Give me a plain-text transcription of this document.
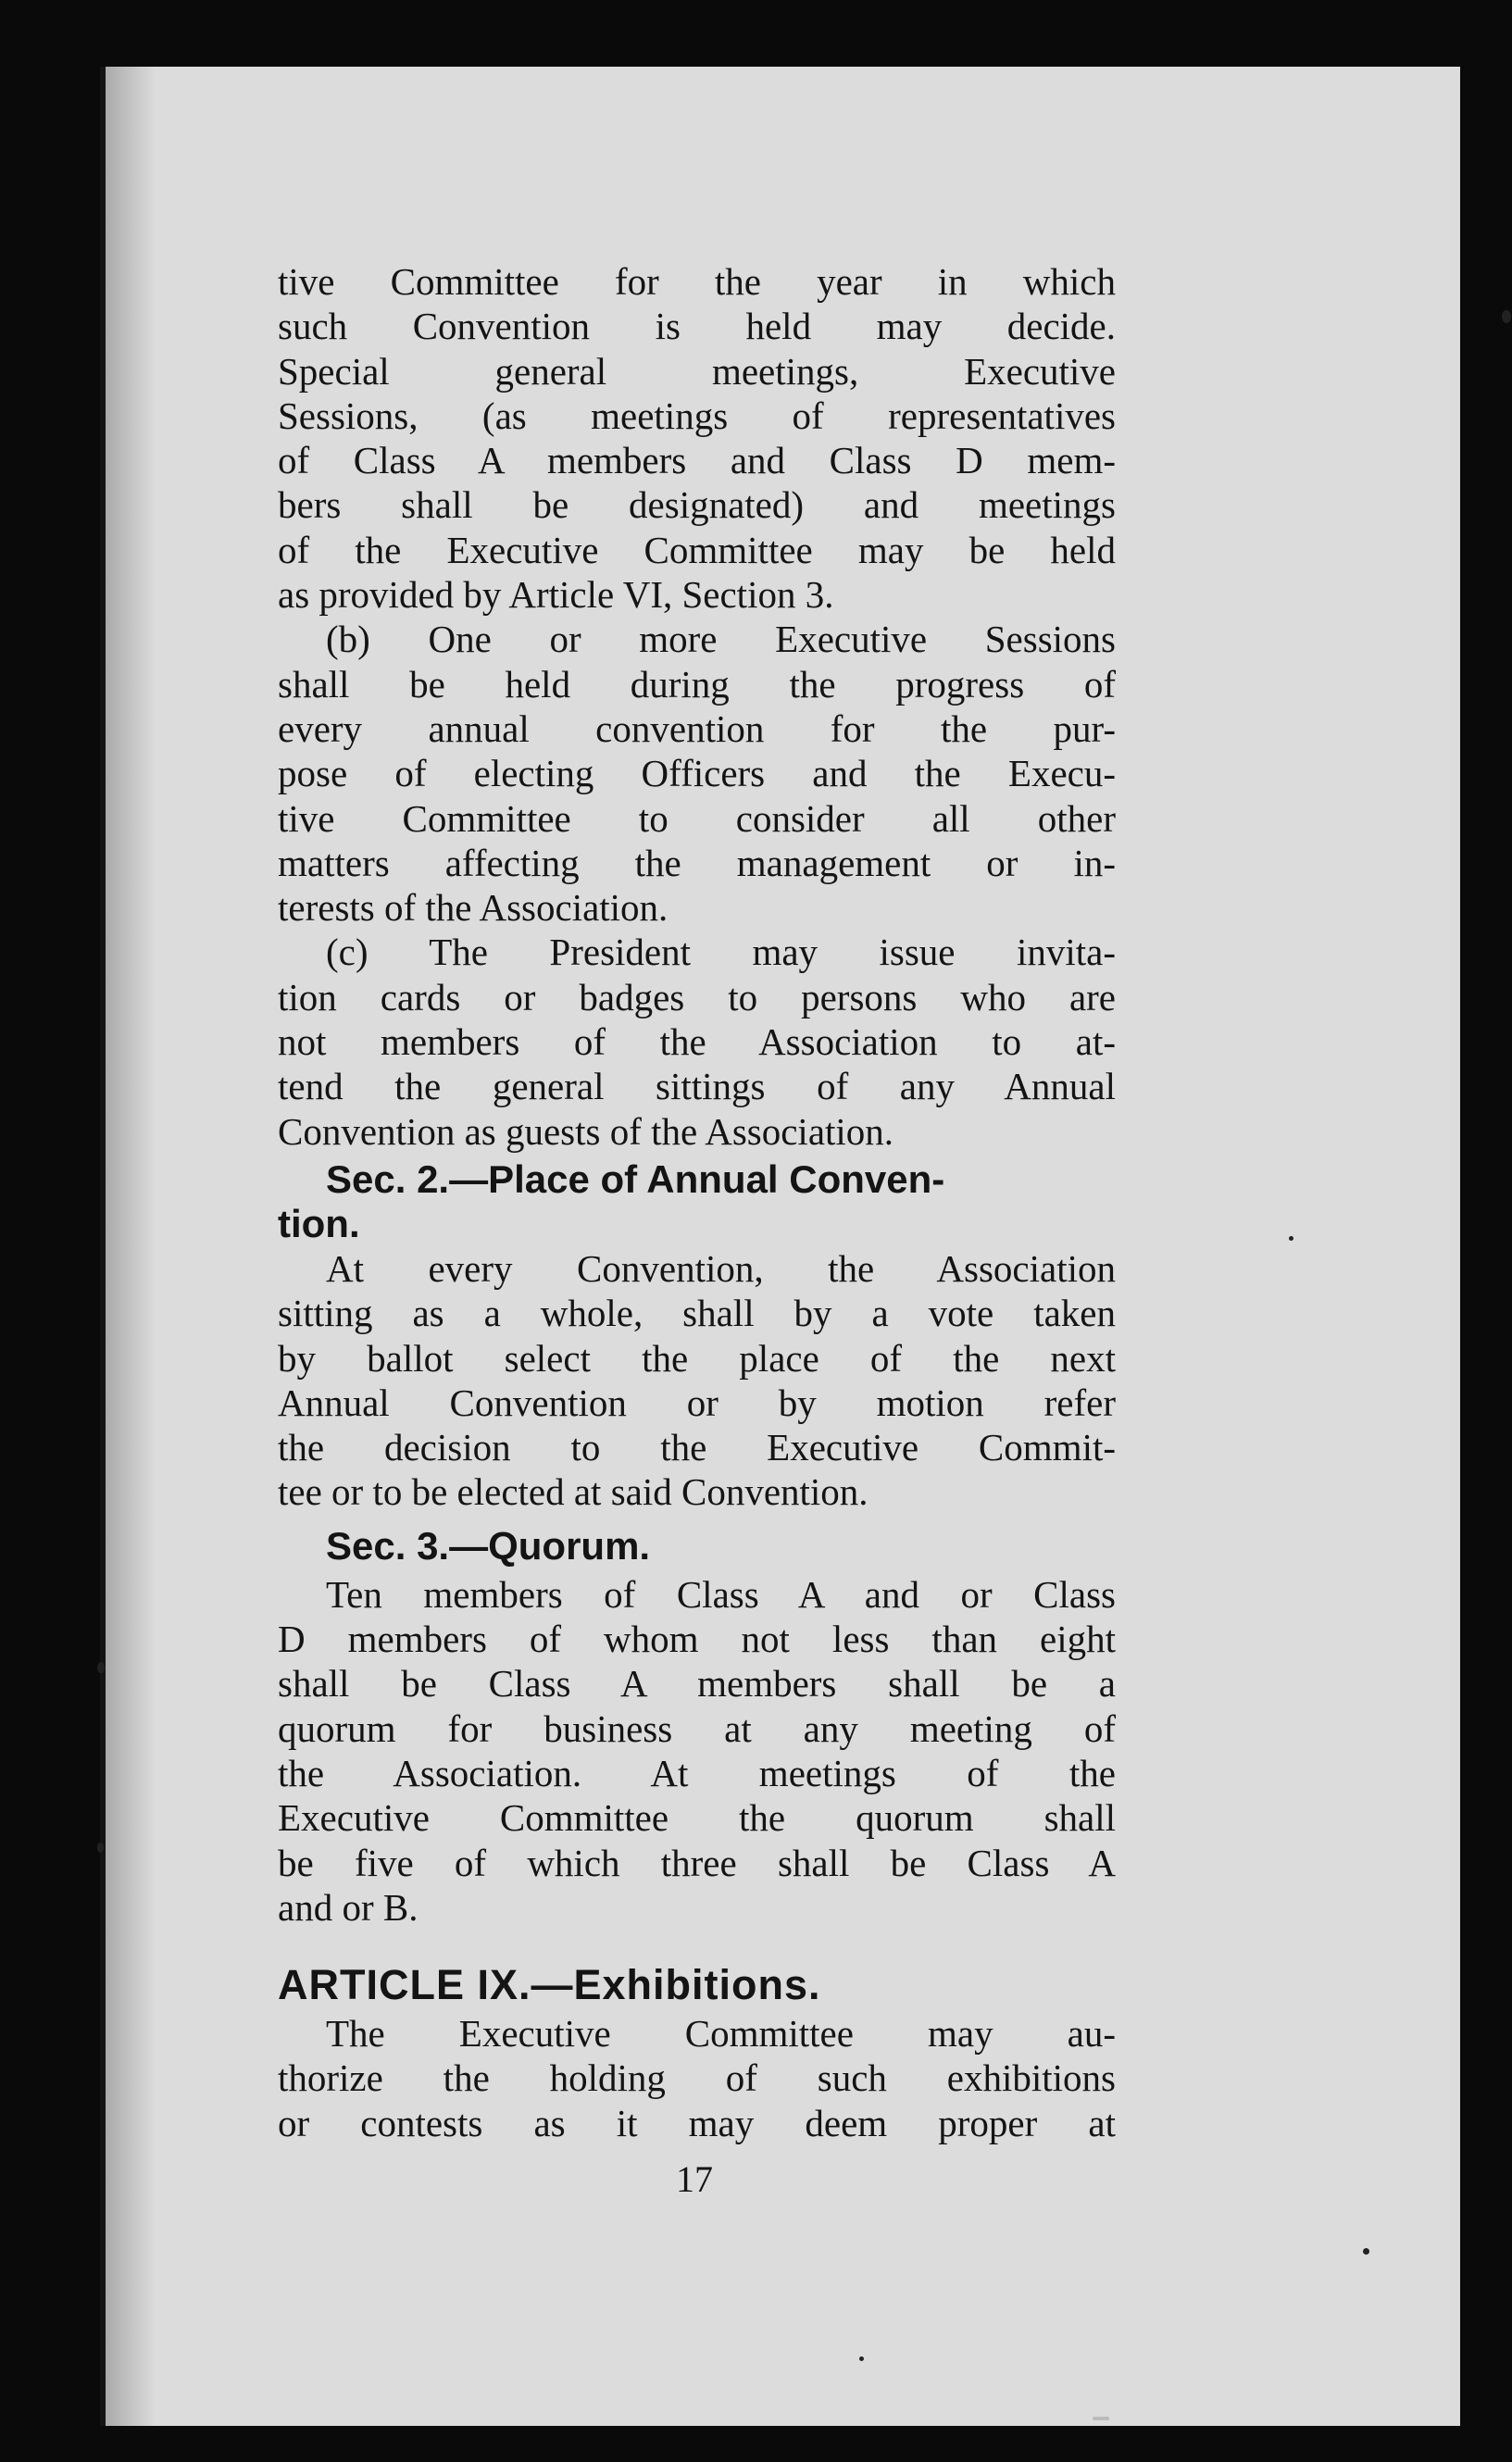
tive Committee for the year in which
such Convention is held may decide.
Special general meetings, Executive
Sessions, (as meetings of representatives
of Class A members and Class D mem-
bers shall be designated) and meetings
of the Executive Committee may be held
as provided by Article VI, Section 3.
(b) One or more Executive Sessions
shall be held during the progress of
every annual convention for the pur-
pose of electing Officers and the Execu-
tive Committee to consider all other
matters affecting the management or in-
terests of the Association.
(c) The President may issue invita-
tion cards or badges to persons who are
not members of the Association to at-
tend the general sittings of any Annual
Convention as guests of the Association.
Sec. 2.—Place of Annual Conven-
tion.
At every Convention, the Association
sitting as a whole, shall by a vote taken
by ballot select the place of the next
Annual Convention or by motion refer
the decision to the Executive Commit-
tee or to be elected at said Convention.
Sec. 3.—Quorum.
Ten members of Class A and or Class
D members of whom not less than eight
shall be Class A members shall be a
quorum for business at any meeting of
the Association. At meetings of the
Executive Committee the quorum shall
be five of which three shall be Class A
and or B.
ARTICLE IX.—Exhibitions.
The Executive Committee may au-
thorize the holding of such exhibitions
or contests as it may deem proper at
17
